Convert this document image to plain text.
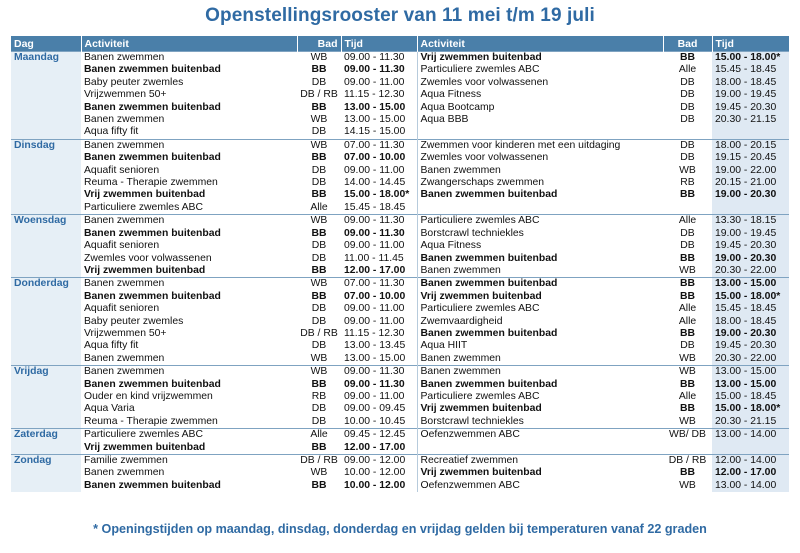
Openstellingsrooster van 11 mei t/m 19 juli
Dag	Activiteit	Bad	Tijd	Activiteit	Bad	Tijd
Maandag	Banen zwemmen	WB	09.00 - 11.30	Vrij zwemmen buitenbad	BB	15.00 - 18.00*
	Banen zwemmen buitenbad	BB	09.00 - 11.30	Particuliere zwemles ABC	Alle	15.45 - 18.45
	Baby peuter zwemles	DB	09.00 - 11.00	Zwemles voor volwassenen	DB	18.00 - 18.45
	Vrijzwemmen 50+	DB / RB	11.15 - 12.30	Aqua Fitness	DB	19.00 - 19.45
	Banen zwemmen buitenbad	BB	13.00 - 15.00	Aqua Bootcamp	DB	19.45 - 20.30
	Banen zwemmen	WB	13.00 - 15.00	Aqua BBB	DB	20.30 - 21.15
	Aqua fifty fit	DB	14.15 - 15.00			
Dinsdag	Banen zwemmen	WB	07.00 - 11.30	Zwemmen voor kinderen met een uitdaging	DB	18.00 - 20.15
	Banen zwemmen buitenbad	BB	07.00 - 10.00	Zwemles voor volwassenen	DB	19.15 - 20.45
	Aquafit senioren	DB	09.00 - 11.00	Banen zwemmen	WB	19.00 - 22.00
	Reuma - Therapie zwemmen	DB	14.00 - 14.45	Zwangerschaps zwemmen	RB	20.15 - 21.00
	Vrij zwemmen buitenbad	BB	15.00 - 18.00*	Banen zwemmen buitenbad	BB	19.00 - 20.30
	Particuliere zwemles ABC	Alle	15.45 - 18.45			
Woensdag	Banen zwemmen	WB	09.00 - 11.30	Particuliere zwemles ABC	Alle	13.30 - 18.15
	Banen zwemmen buitenbad	BB	09.00 - 11.30	Borstcrawl techniekles	DB	19.00 - 19.45
	Aquafit senioren	DB	09.00 - 11.00	Aqua Fitness	DB	19.45 - 20.30
	Zwemles voor volwassenen	DB	11.00 - 11.45	Banen zwemmen buitenbad	BB	19.00 - 20.30
	Vrij zwemmen buitenbad	BB	12.00 - 17.00	Banen zwemmen	WB	20.30 - 22.00
Donderdag	Banen zwemmen	WB	07.00 - 11.30	Banen zwemmen buitenbad	BB	13.00 - 15.00
	Banen zwemmen buitenbad	BB	07.00 - 10.00	Vrij zwemmen buitenbad	BB	15.00 - 18.00*
	Aquafit senioren	DB	09.00 - 11.00	Particuliere zwemles ABC	Alle	15.45 - 18.45
	Baby peuter zwemles	DB	09.00 - 11.00	Zwemvaardigheid	Alle	18.00 - 18.45
	Vrijzwemmen 50+	DB / RB	11.15 - 12.30	Banen zwemmen buitenbad	BB	19.00 - 20.30
	Aqua fifty fit	DB	13.00 - 13.45	Aqua HIIT	DB	19.45 - 20.30
	Banen zwemmen	WB	13.00 - 15.00	Banen zwemmen	WB	20.30 - 22.00
Vrijdag	Banen zwemmen	WB	09.00 - 11.30	Banen zwemmen	WB	13.00 - 15.00
	Banen zwemmen buitenbad	BB	09.00 - 11.30	Banen zwemmen buitenbad	BB	13.00 - 15.00
	Ouder en kind vrijzwemmen	RB	09.00 - 11.00	Particuliere zwemles ABC	Alle	15.00 - 18.45
	Aqua Varia	DB	09.00 - 09.45	Vrij zwemmen buitenbad	BB	15.00 - 18.00*
	Reuma - Therapie zwemmen	DB	10.00 - 10.45	Borstcrawl techniekles	WB	20.30 - 21.15
Zaterdag	Particuliere zwemles ABC	Alle	09.45 - 12.45	Oefenzwemmen ABC	WB/ DB	13.00 - 14.00
	Vrij zwemmen buitenbad	BB	12.00 - 17.00			
Zondag	Familie zwemmen	DB / RB	09.00 - 12.00	Recreatief zwemmen	DB / RB	12.00 - 14.00
	Banen zwemmen	WB	10.00 - 12.00	Vrij zwemmen buitenbad	BB	12.00 - 17.00
	Banen zwemmen buitenbad	BB	10.00 - 12.00	Oefenzwemmen ABC	WB	13.00 - 14.00
* Openingstijden op maandag, dinsdag, donderdag en vrijdag gelden bij temperaturen vanaf 22 graden
